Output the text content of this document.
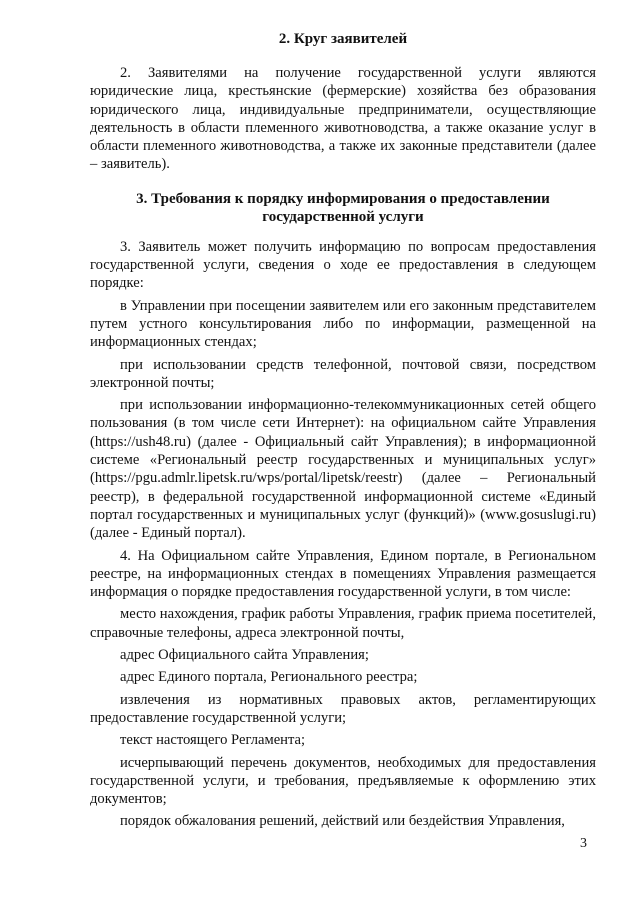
2. Круг заявителей

2. Заявителями на получение государственной услуги являются юридические лица, крестьянские (фермерские) хозяйства без образования юридического лица, индивидуальные предприниматели, осуществляющие деятельность в области племенного животноводства, а также оказание услуг в области племенного животноводства, а также их законные представители (далее – заявитель).

3. Требования к порядку информирования о предоставлении государственной услуги

3. Заявитель может получить информацию по вопросам предоставления государственной услуги, сведения о ходе ее предоставления в следующем порядке:

в Управлении при посещении заявителем или его законным представителем путем устного консультирования либо по информации, размещенной на информационных стендах;

при использовании средств телефонной, почтовой связи, посредством электронной почты;

при использовании информационно-телекоммуникационных сетей общего пользования (в том числе сети Интернет): на официальном сайте Управления (https://ush48.ru) (далее - Официальный сайт Управления); в информационной системе «Региональный реестр государственных и муниципальных услуг» (https://pgu.admlr.lipetsk.ru/wps/portal/lipetsk/reestr) (далее – Региональный реестр), в федеральной государственной информационной системе «Единый портал государственных и муниципальных услуг (функций)» (www.gosuslugi.ru) (далее - Единый портал).

4. На Официальном сайте Управления, Едином портале, в Региональном реестре, на информационных стендах в помещениях Управления размещается информация о порядке предоставления государственной услуги, в том числе:

место нахождения, график работы Управления, график приема посетителей, справочные телефоны, адреса электронной почты,

адрес Официального сайта Управления;

адрес Единого портала, Регионального реестра;

извлечения из нормативных правовых актов, регламентирующих предоставление государственной услуги;

текст настоящего Регламента;

исчерпывающий перечень документов, необходимых для предоставления государственной услуги, и требования, предъявляемые к оформлению этих документов;

порядок обжалования решений, действий или бездействия Управления,

3
